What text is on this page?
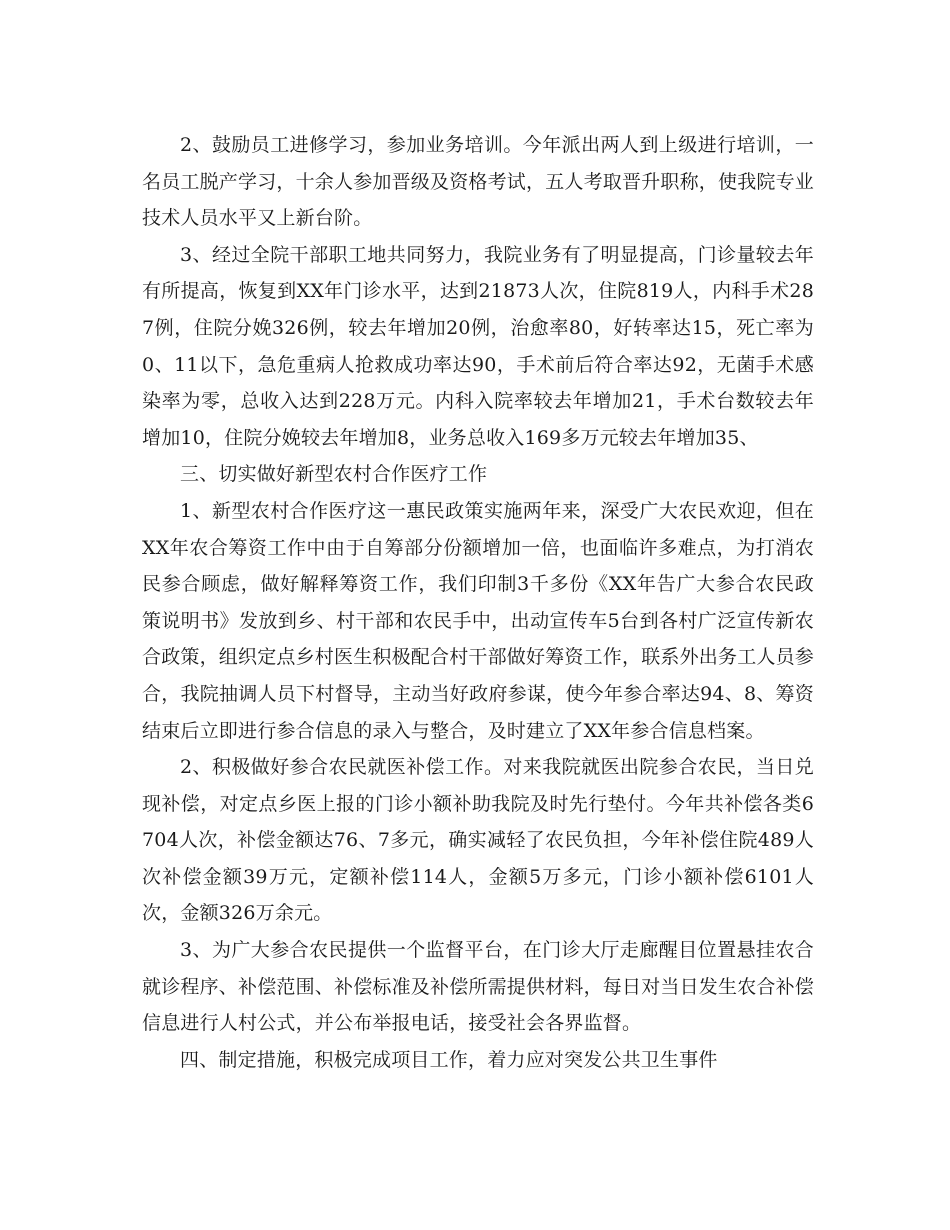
2、鼓励员工进修学习，参加业务培训。今年派出两人到上级进行培训，一名员工脱产学习，十余人参加晋级及资格考试，五人考取晋升职称，使我院专业技术人员水平又上新台阶。

3、经过全院干部职工地共同努力，我院业务有了明显提高，门诊量较去年有所提高，恢复到XX年门诊水平，达到21873人次，住院819人，内科手术287例，住院分娩326例，较去年增加20例，治愈率80，好转率达15，死亡率为0、11以下，急危重病人抢救成功率达90，手术前后符合率达92，无菌手术感染率为零，总收入达到228万元。内科入院率较去年增加21，手术台数较去年增加10，住院分娩较去年增加8，业务总收入169多万元较去年增加35、

三、切实做好新型农村合作医疗工作

1、新型农村合作医疗这一惠民政策实施两年来，深受广大农民欢迎，但在XX年农合筹资工作中由于自筹部分份额增加一倍，也面临许多难点，为打消农民参合顾虑，做好解释筹资工作，我们印制3千多份《XX年告广大参合农民政策说明书》发放到乡、村干部和农民手中，出动宣传车5台到各村广泛宣传新农合政策，组织定点乡村医生积极配合村干部做好筹资工作，联系外出务工人员参合，我院抽调人员下村督导，主动当好政府参谋，使今年参合率达94、8、筹资结束后立即进行参合信息的录入与整合，及时建立了XX年参合信息档案。

2、积极做好参合农民就医补偿工作。对来我院就医出院参合农民，当日兑现补偿，对定点乡医上报的门诊小额补助我院及时先行垫付。今年共补偿各类6704人次，补偿金额达76、7多元，确实减轻了农民负担，今年补偿住院489人次补偿金额39万元，定额补偿114人，金额5万多元，门诊小额补偿6101人次，金额326万余元。

3、为广大参合农民提供一个监督平台，在门诊大厅走廊醒目位置悬挂农合就诊程序、补偿范围、补偿标准及补偿所需提供材料，每日对当日发生农合补偿信息进行人村公式，并公布举报电话，接受社会各界监督。

四、制定措施，积极完成项目工作，着力应对突发公共卫生事件
